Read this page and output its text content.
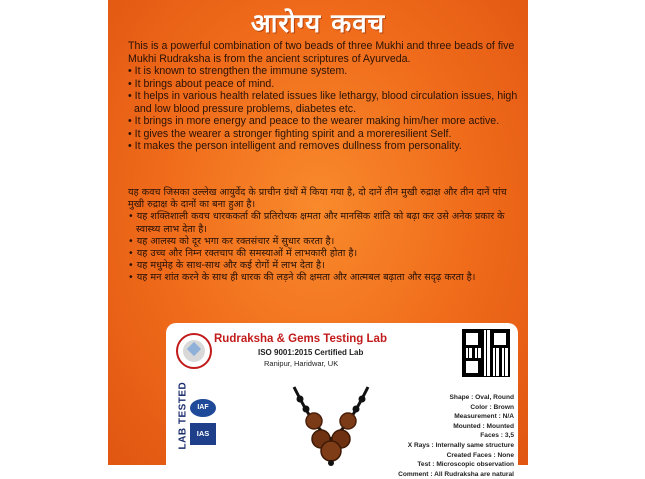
आरोग्य कवच

This is a powerful combination of two beads of three Mukhi and three beads of five Mukhi Rudraksha is from the ancient scriptures of Ayurveda.

• It is known to strengthen the immune system.

• It brings about peace of mind.

• It helps in various health related issues like lethargy, blood circulation issues, high and low blood pressure problems, diabetes etc.

• It brings in more energy and peace to the wearer making him/her more active.

• It gives the wearer a stronger fighting spirit and a moreresilient Self.

• It makes the person intelligent and removes dullness from personality.

यह कवच जिसका उल्लेख आयुर्वेद के प्राचीन ग्रंथों में किया गया है, दो दानें तीन मुखी रुद्राक्ष और तीन दानें पांच मुखी रुद्राक्ष के दानों का बना हुआ है।

• यह शक्तिशाली कवच धारककर्ता की प्रतिरोधक क्षमता और मानसिक शांति को बढ़ा कर उसे अनेक प्रकार के स्वास्थ्य लाभ देता है।

• यह आलस्य को दूर भगा कर रक्तसंचार में सुधार करता है।

• यह उच्च और निम्न रक्तचाप की समस्याओं में लाभकारी होता है।

• यह मधुमेह के साथ-साथ और कई रोगों में लाभ देता है।

• यह मन शांत करने के साथ ही धारक की लड़ने की क्षमता और आत्मबल बढ़ाता और सदृढ़ करता है।

Rudraksha & Gems Testing Lab
ISO 9001:2015 Certified Lab
Ranipur, Haridwar, UK
LAB TESTED	IAF
IAS
Shape : Oval, Round
Color : Brown
Measurement : N/A
Mounted : Mounted
Faces : 3,5
X Rays : Internally same structure
Created Faces : None
Test : Microscopic observation
Comment : All Rudraksha are natural
